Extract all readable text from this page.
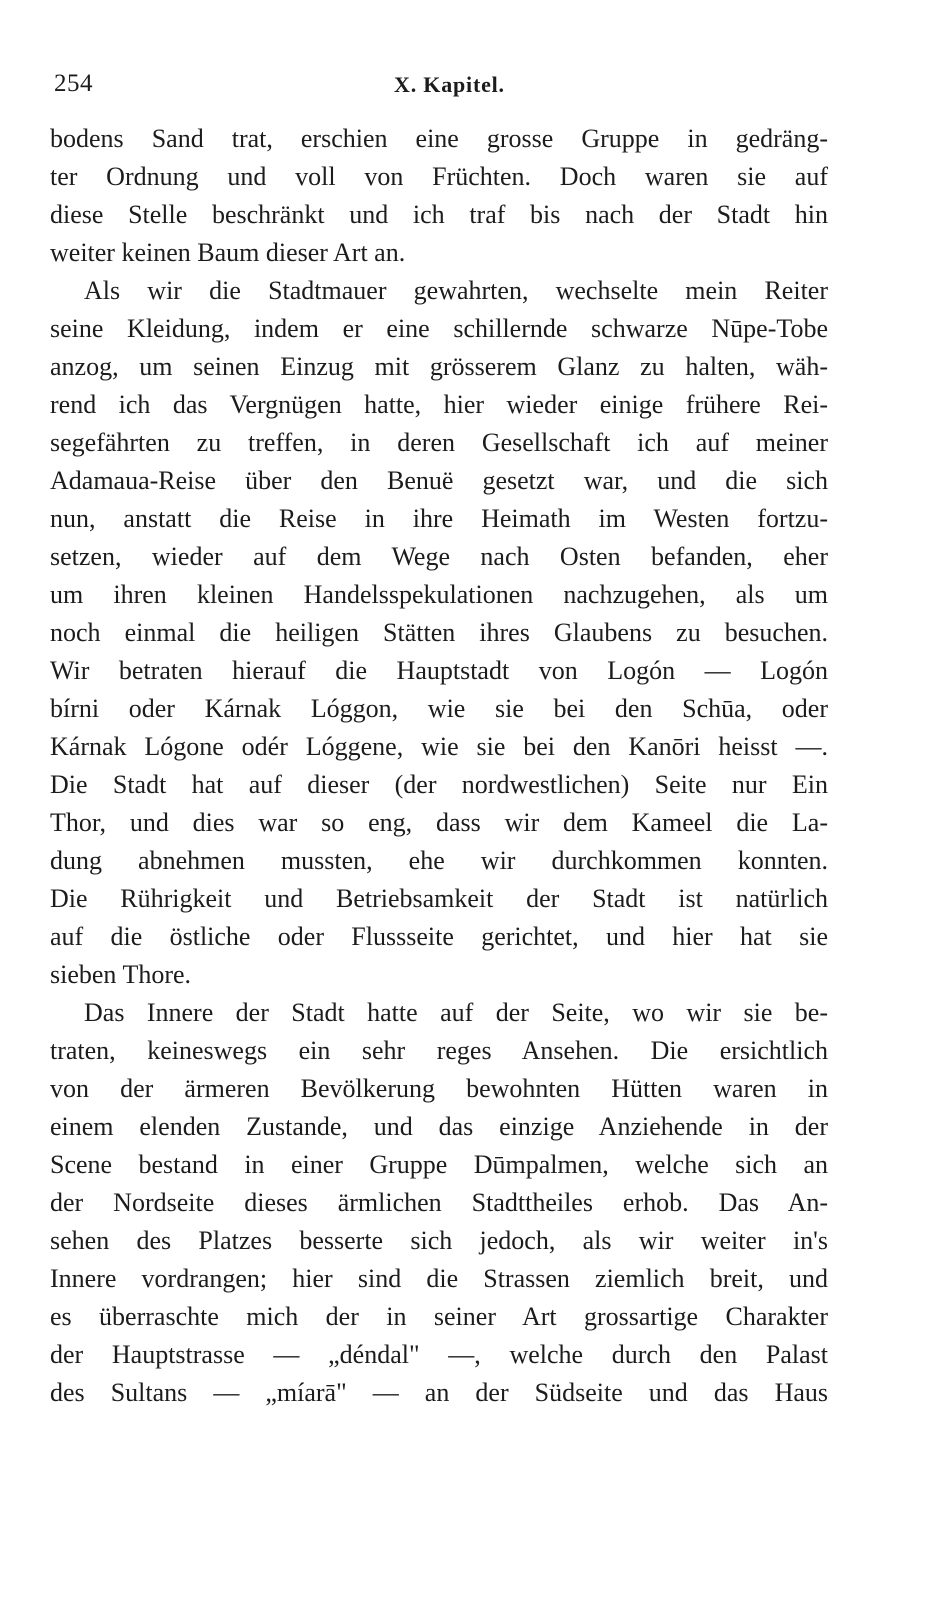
254	X. Kapitel.

bodens Sand trat, erschien eine grosse Gruppe in gedräng-
ter Ordnung und voll von Früchten. Doch waren sie auf
diese Stelle beschränkt und ich traf bis nach der Stadt hin
weiter keinen Baum dieser Art an.

Als wir die Stadtmauer gewahrten, wechselte mein Reiter
seine Kleidung, indem er eine schillernde schwarze Nūpe-Tobe
anzog, um seinen Einzug mit grösserem Glanz zu halten, wäh-
rend ich das Vergnügen hatte, hier wieder einige frühere Rei-
segefährten zu treffen, in deren Gesellschaft ich auf meiner
Adamaua-Reise über den Benuë gesetzt war, und die sich
nun, anstatt die Reise in ihre Heimath im Westen fortzu-
setzen, wieder auf dem Wege nach Osten befanden, eher
um ihren kleinen Handelsspekulationen nachzugehen, als um
noch einmal die heiligen Stätten ihres Glaubens zu besuchen.
Wir betraten hierauf die Hauptstadt von Logón — Logón
bírni oder Kárnak Lóggon, wie sie bei den Schūa, oder
Kárnak Lógone odér Lóggene, wie sie bei den Kanōri heisst —.
Die Stadt hat auf dieser (der nordwestlichen) Seite nur Ein
Thor, und dies war so eng, dass wir dem Kameel die La-
dung abnehmen mussten, ehe wir durchkommen konnten.
Die Rührigkeit und Betriebsamkeit der Stadt ist natürlich
auf die östliche oder Flussseite gerichtet, und hier hat sie
sieben Thore.

Das Innere der Stadt hatte auf der Seite, wo wir sie be-
traten, keineswegs ein sehr reges Ansehen. Die ersichtlich
von der ärmeren Bevölkerung bewohnten Hütten waren in
einem elenden Zustande, und das einzige Anziehende in der
Scene bestand in einer Gruppe Dūmpalmen, welche sich an
der Nordseite dieses ärmlichen Stadttheiles erhob. Das An-
sehen des Platzes besserte sich jedoch, als wir weiter in's
Innere vordrangen; hier sind die Strassen ziemlich breit, und
es überraschte mich der in seiner Art grossartige Charakter
der Hauptstrasse — „déndal" —, welche durch den Palast
des Sultans — „míarā" — an der Südseite und das Haus
